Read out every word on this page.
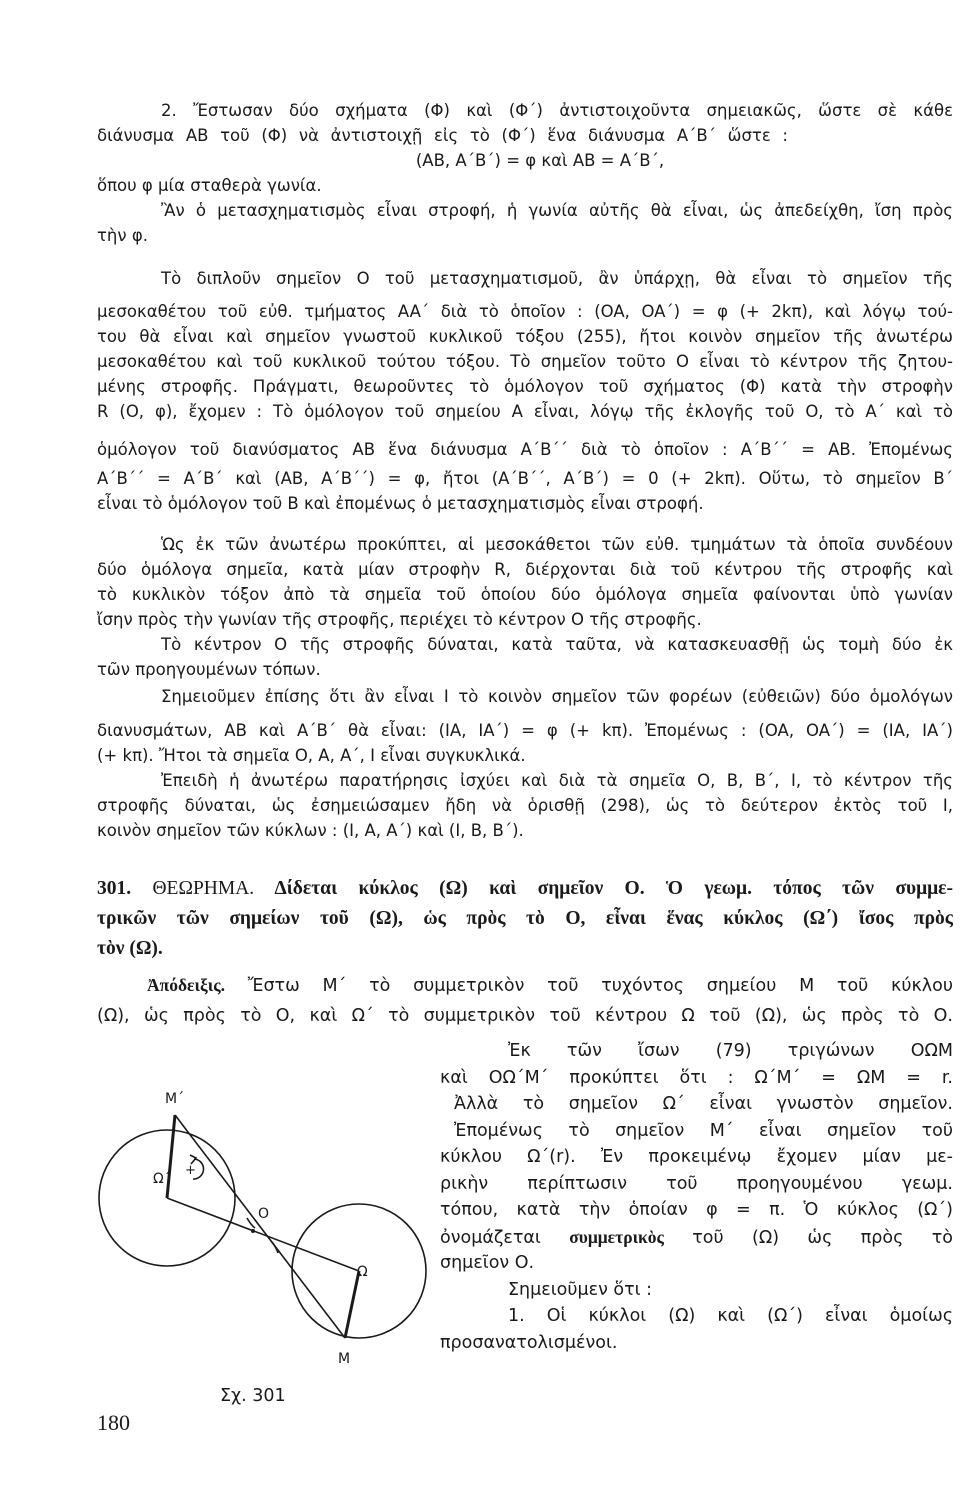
2. Ἔστωσαν δύο σχήματα (Φ) καὶ (Φ΄) ἀντιστοιχοῦντα σημειακῶς, ὥστε σὲ κάθε
διάνυσμα AB τοῦ (Φ) νὰ ἀντιστοιχῇ εἰς τὸ (Φ΄) ἕνα διάνυσμα A΄B΄ ὥστε :
(AB, A΄B΄) = φ καὶ AB = A΄B΄,
ὅπου φ μία σταθερὰ γωνία.
Ἂν ὁ μετασχηματισμὸς εἶναι στροφή, ἡ γωνία αὐτῆς θὰ εἶναι, ὡς ἀπεδείχθη, ἴση πρὸς
τὴν φ.
Τὸ διπλοῦν σημεῖον Ο τοῦ μετασχηματισμοῦ, ἂν ὑπάρχῃ, θὰ εἶναι τὸ σημεῖον τῆς
μεσοκαθέτου τοῦ εὐθ. τμήματος AA΄ διὰ τὸ ὁποῖον : (OA, OA΄) = φ (+ 2kπ), καὶ λόγῳ τού-
του θὰ εἶναι καὶ σημεῖον γνωστοῦ κυκλικοῦ τόξου (255), ἤτοι κοινὸν σημεῖον τῆς ἀνωτέρω
μεσοκαθέτου καὶ τοῦ κυκλικοῦ τούτου τόξου. Τὸ σημεῖον τοῦτο Ο εἶναι τὸ κέντρον τῆς ζητου-
μένης στροφῆς. Πράγματι, θεωροῦντες τὸ ὁμόλογον τοῦ σχήματος (Φ) κατὰ τὴν στροφὴν
R (O, φ), ἔχομεν : Τὸ ὁμόλογον τοῦ σημείου A εἶναι, λόγῳ τῆς ἐκλογῆς τοῦ Ο, τὸ A΄ καὶ τὸ
ὁμόλογον τοῦ διανύσματος AB ἕνα διάνυσμα A΄B΄΄ διὰ τὸ ὁποῖον : A΄B΄΄ = AB. Ἐπομένως
A΄B΄΄ = A΄B΄ καὶ (AB, A΄B΄΄) = φ, ἤτοι (A΄B΄΄, A΄B΄) = 0 (+ 2kπ). Οὕτω, τὸ σημεῖον B΄
εἶναι τὸ ὁμόλογον τοῦ B καὶ ἐπομένως ὁ μετασχηματισμὸς εἶναι στροφή.
Ὡς ἐκ τῶν ἀνωτέρω προκύπτει, αἱ μεσοκάθετοι τῶν εὐθ. τμημάτων τὰ ὁποῖα συνδέουν
δύο ὁμόλογα σημεῖα, κατὰ μίαν στροφὴν R, διέρχονται διὰ τοῦ κέντρου τῆς στροφῆς καὶ
τὸ κυκλικὸν τόξον ἀπὸ τὰ σημεῖα τοῦ ὁποίου δύο ὁμόλογα σημεῖα φαίνονται ὑπὸ γωνίαν
ἴσην πρὸς τὴν γωνίαν τῆς στροφῆς, περιέχει τὸ κέντρον Ο τῆς στροφῆς.
Τὸ κέντρον Ο τῆς στροφῆς δύναται, κατὰ ταῦτα, νὰ κατασκευασθῇ ὡς τομὴ δύο ἐκ
τῶν προηγουμένων τόπων.
Σημειοῦμεν ἐπίσης ὅτι ἂν εἶναι Ι τὸ κοινὸν σημεῖον τῶν φορέων (εὐθειῶν) δύο ὁμολόγων
διανυσμάτων, AB καὶ A΄B΄ θὰ εἶναι: (IA, IA΄) = φ (+ kπ). Ἐπομένως : (OA, OA΄) = (IA, IA΄)
(+ kπ). Ἤτοι τὰ σημεῖα Ο, A, A΄, Ι εἶναι συγκυκλικά.
Ἐπειδὴ ἡ ἀνωτέρω παρατήρησις ἰσχύει καὶ διὰ τὰ σημεῖα Ο, B, B΄, Ι, τὸ κέντρον τῆς
στροφῆς δύναται, ὡς ἐσημειώσαμεν ἤδη νὰ ὁρισθῇ (298), ὡς τὸ δεύτερον ἐκτὸς τοῦ Ι,
κοινὸν σημεῖον τῶν κύκλων : (Ι, A, A΄) καὶ (Ι, B, B΄).
301. ΘΕΩΡΗΜΑ. Δίδεται κύκλος (Ω) καὶ σημεῖον Ο. Ὁ γεωμ. τόπος τῶν συμμε-
τρικῶν τῶν σημείων τοῦ (Ω), ὡς πρὸς τὸ Ο, εἶναι ἕνας κύκλος (Ω΄) ἴσος πρὸς
τὸν (Ω).
Ἀπόδειξις. Ἔστω M΄ τὸ συμμετρικὸν τοῦ τυχόντος σημείου M τοῦ κύκλου
(Ω), ὡς πρὸς τὸ Ο, καὶ Ω΄ τὸ συμμετρικὸν τοῦ κέντρου Ω τοῦ (Ω), ὡς πρὸς τὸ Ο.
Ἐκ τῶν ἴσων (79) τριγώνων ΟΩΜ
καὶ ΟΩ΄Μ΄ προκύπτει ὅτι : Ω΄Μ΄ = ΩΜ = r.
Ἀλλὰ τὸ σημεῖον Ω΄ εἶναι γνωστὸν σημεῖον.
Ἐπομένως τὸ σημεῖον Μ΄ εἶναι σημεῖον τοῦ
κύκλου Ω΄(r). Ἐν προκειμένῳ ἔχομεν μίαν με-
ρικὴν περίπτωσιν τοῦ προηγουμένου γεωμ.
τόπου, κατὰ τὴν ὁποίαν φ = π. Ὁ κύκλος (Ω΄)
ὀνομάζεται συμμετρικὸς τοῦ (Ω) ὡς πρὸς τὸ
σημεῖον Ο.
Σημειοῦμεν ὅτι :
1. Οἱ κύκλοι (Ω) καὶ (Ω΄) εἶναι ὁμοίως
προσανατολισμένοι.
Μ΄
Ω΄
Ο
Ω
Μ
+
Σχ. 301
180
